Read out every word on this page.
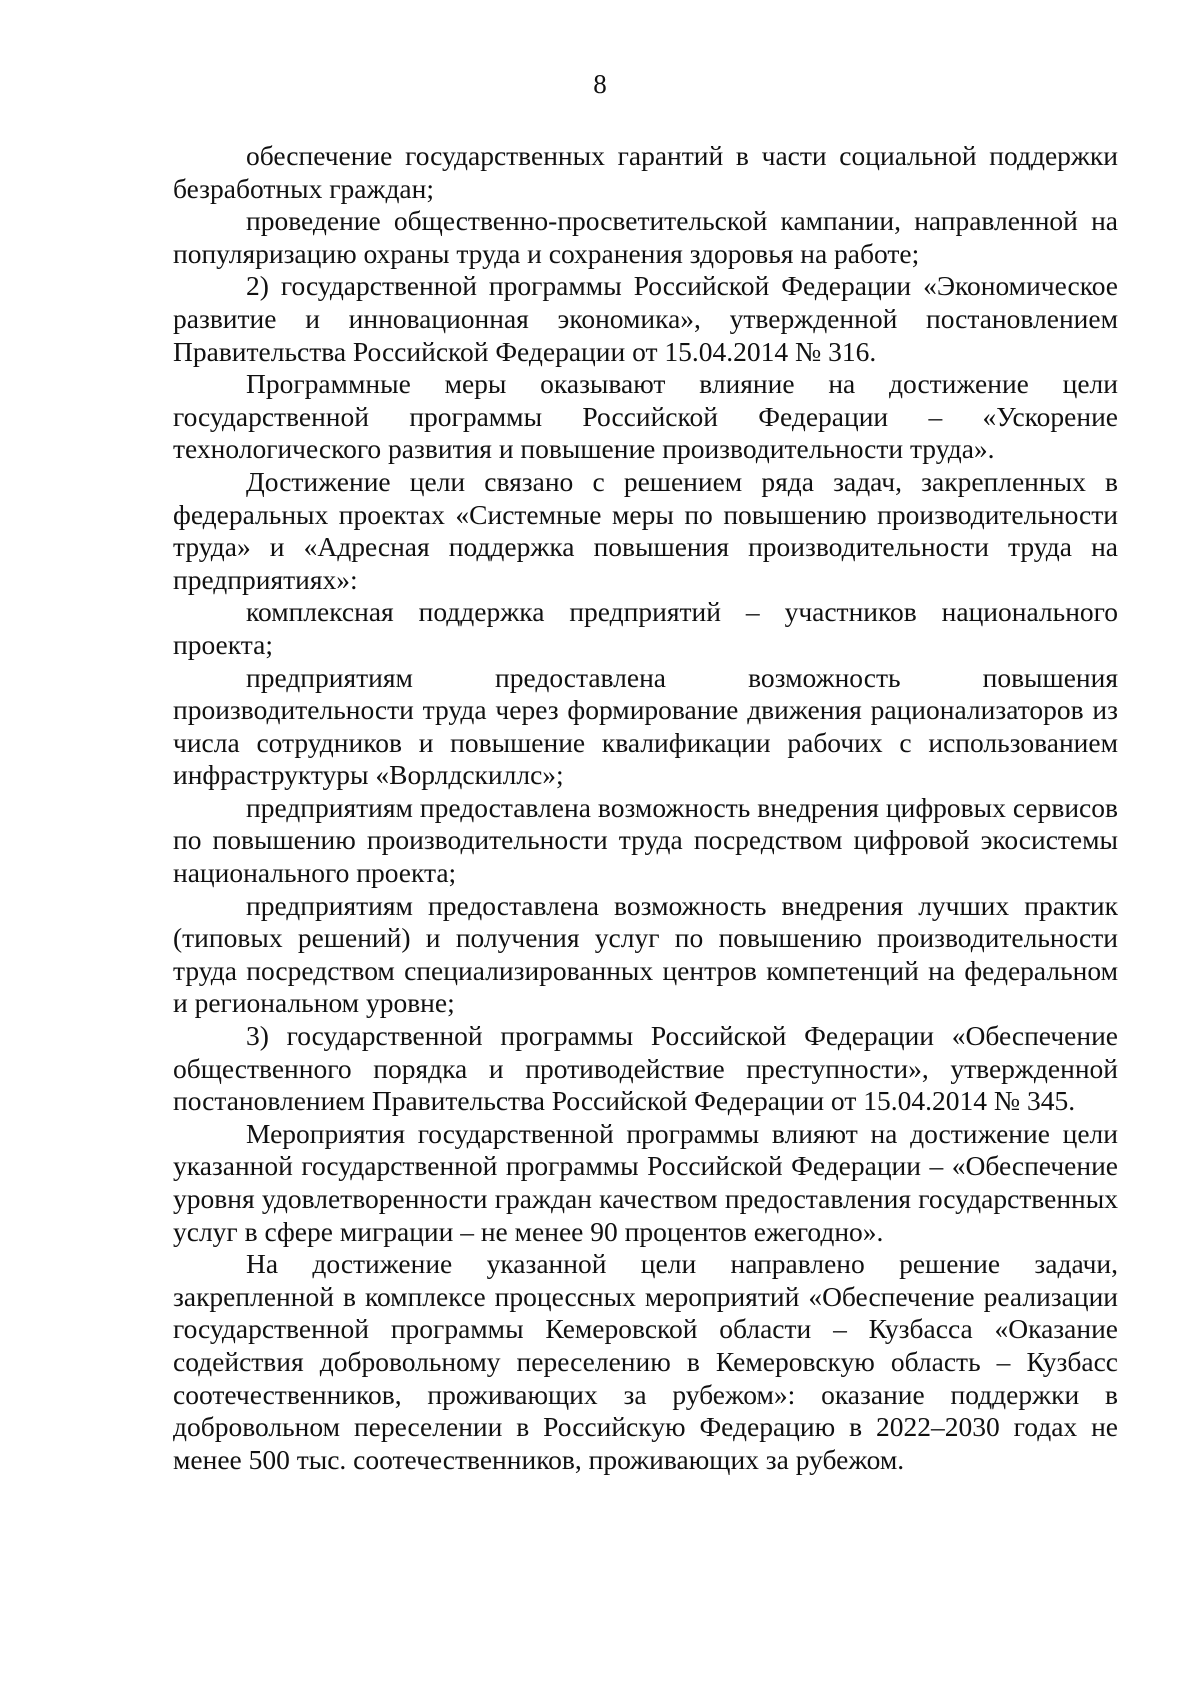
8

обеспечение государственных гарантий в части социальной поддержки безработных граждан;

проведение общественно-просветительской кампании, направленной на популяризацию охраны труда и сохранения здоровья на работе;

2) государственной программы Российской Федерации «Экономическое развитие и инновационная экономика», утвержденной постановлением Правительства Российской Федерации от 15.04.2014 № 316.

Программные меры оказывают влияние на достижение цели государственной программы Российской Федерации – «Ускорение технологического развития и повышение производительности труда».

Достижение цели связано с решением ряда задач, закрепленных в федеральных проектах «Системные меры по повышению производительности труда» и «Адресная поддержка повышения производительности труда на предприятиях»:

комплексная поддержка предприятий – участников национального проекта;

предприятиям предоставлена возможность повышения производительности труда через формирование движения рационализаторов из числа сотрудников и повышение квалификации рабочих с использованием инфраструктуры «Ворлдскиллс»;

предприятиям предоставлена возможность внедрения цифровых сервисов по повышению производительности труда посредством цифровой экосистемы национального проекта;

предприятиям предоставлена возможность внедрения лучших практик (типовых решений) и получения услуг по повышению производительности труда посредством специализированных центров компетенций на федеральном и региональном уровне;

3) государственной программы Российской Федерации «Обеспечение общественного порядка и противодействие преступности», утвержденной постановлением Правительства Российской Федерации от 15.04.2014 № 345.

Мероприятия государственной программы влияют на достижение цели указанной государственной программы Российской Федерации – «Обеспечение уровня удовлетворенности граждан качеством предоставления государственных услуг в сфере миграции – не менее 90 процентов ежегодно».

На достижение указанной цели направлено решение задачи, закрепленной в комплексе процессных мероприятий «Обеспечение реализации государственной программы Кемеровской области – Кузбасса «Оказание содействия добровольному переселению в Кемеровскую область – Кузбасс соотечественников, проживающих за рубежом»: оказание поддержки в добровольном переселении в Российскую Федерацию в 2022–2030 годах не менее 500 тыс. соотечественников, проживающих за рубежом.
